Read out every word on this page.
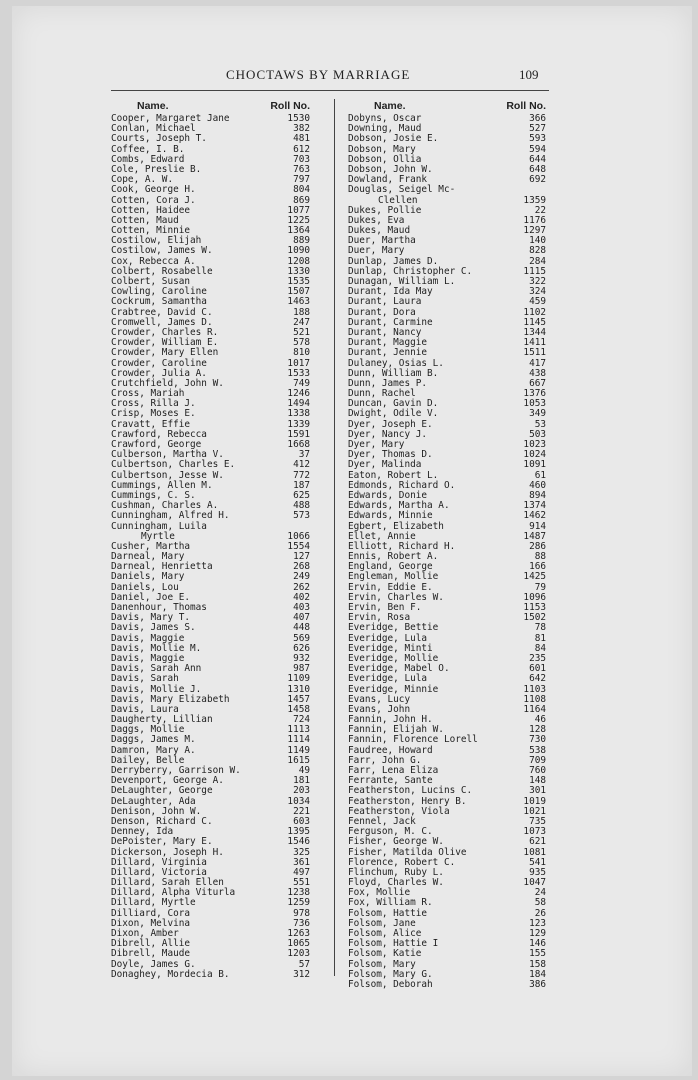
CHOCTAWS BY MARRIAGE	109
Name.	Roll No.
Cooper, Margaret Jane	1530
Conlan, Michael	382
Courts, Joseph T.	481
Coffee, I. B.	612
Combs, Edward	703
Cole, Preslie B.	763
Cope, A. W.	797
Cook, George H.	804
Cotten, Cora J.	869
Cotten, Haidee	1077
Cotten, Maud	1225
Cotten, Minnie	1364
Costilow, Elijah	889
Costilow, James W.	1090
Cox, Rebecca A.	1208
Colbert, Rosabelle	1330
Colbert, Susan	1535
Cowling, Caroline	1507
Cockrum, Samantha	1463
Crabtree, David C.	188
Cromwell, James D.	247
Crowder, Charles R.	521
Crowder, William E.	578
Crowder, Mary Ellen	810
Crowder, Caroline	1017
Crowder, Julia A.	1533
Crutchfield, John W.	749
Cross, Mariah	1246
Cross, Rilla J.	1494
Crisp, Moses E.	1338
Cravatt, Effie	1339
Crawford, Rebecca	1591
Crawford, George	1668
Culberson, Martha V.	37
Culbertson, Charles E.	412
Culbertson, Jesse W.	772
Cummings, Allen M.	187
Cummings, C. S.	625
Cushman, Charles A.	488
Cunningham, Alfred H.	573
Cunningham, Luila
Myrtle	1066
Cusher, Martha	1554
Darneal, Mary	127
Darneal, Henrietta	268
Daniels, Mary	249
Daniels, Lou	262
Daniel, Joe E.	402
Danenhour, Thomas	403
Davis, Mary T.	407
Davis, James S.	448
Davis, Maggie	569
Davis, Mollie M.	626
Davis, Maggie	932
Davis, Sarah Ann	987
Davis, Sarah	1109
Davis, Mollie J.	1310
Davis, Mary Elizabeth	1457
Davis, Laura	1458
Daugherty, Lillian	724
Daggs, Mollie	1113
Daggs, James M.	1114
Damron, Mary A.	1149
Dailey, Belle	1615
Derryberry, Garrison W.	49
Devenport, George A.	181
DeLaughter, George	203
DeLaughter, Ada	1034
Denison, John W.	221
Denson, Richard C.	603
Denney, Ida	1395
DePoister, Mary E.	1546
Dickerson, Joseph H.	325
Dillard, Virginia	361
Dillard, Victoria	497
Dillard, Sarah Ellen	551
Dillard, Alpha Viturla	1238
Dillard, Myrtle	1259
Dilliard, Cora	978
Dixon, Melvina	736
Dixon, Amber	1263
Dibrell, Allie	1065
Dibrell, Maude	1203
Doyle, James G.	57
Donaghey, Mordecia B.	312
Name.	Roll No.
Dobyns, Oscar	366
Downing, Maud	527
Dobson, Josie E.	593
Dobson, Mary	594
Dobson, Ollia	644
Dobson, John W.	648
Dowland, Frank	692
Douglas, Seigel Mc-
Clellen	1359
Dukes, Pollie	22
Dukes, Eva	1176
Dukes, Maud	1297
Duer, Martha	140
Duer, Mary	828
Dunlap, James D.	284
Dunlap, Christopher C.	1115
Dunagan, William L.	322
Durant, Ida May	324
Durant, Laura	459
Durant, Dora	1102
Durant, Carmine	1145
Durant, Nancy	1344
Durant, Maggie	1411
Durant, Jennie	1511
Dulaney, Osias L.	417
Dunn, William B.	438
Dunn, James P.	667
Dunn, Rachel	1376
Duncan, Gavin D.	1053
Dwight, Odile V.	349
Dyer, Joseph E.	53
Dyer, Nancy J.	503
Dyer, Mary	1023
Dyer, Thomas D.	1024
Dyer, Malinda	1091
Eaton, Robert L.	61
Edmonds, Richard O.	460
Edwards, Donie	894
Edwards, Martha A.	1374
Edwards, Minnie	1462
Egbert, Elizabeth	914
Ellet, Annie	1487
Elliott, Richard H.	286
Ennis, Robert A.	88
England, George	166
Engleman, Mollie	1425
Ervin, Eddie E.	79
Ervin, Charles W.	1096
Ervin, Ben F.	1153
Ervin, Rosa	1502
Everidge, Bettie	78
Everidge, Lula	81
Everidge, Minti	84
Everidge, Mollie	235
Everidge, Mabel O.	601
Everidge, Lula	642
Everidge, Minnie	1103
Evans, Lucy	1108
Evans, John	1164
Fannin, John H.	46
Fannin, Elijah W.	128
Fannin, Florence Lorell	730
Faudree, Howard	538
Farr, John G.	709
Farr, Lena Eliza	760
Ferrante, Sante	148
Featherston, Lucins C.	301
Featherston, Henry B.	1019
Featherston, Viola	1021
Fennel, Jack	735
Ferguson, M. C.	1073
Fisher, George W.	621
Fisher, Matilda Olive	1081
Florence, Robert C.	541
Flinchum, Ruby L.	935
Floyd, Charles W.	1047
Fox, Mollie	24
Fox, William R.	58
Folsom, Hattie	26
Folsom, Jane	123
Folsom, Alice	129
Folsom, Hattie I	146
Folsom, Katie	155
Folsom, Mary	158
Folsom, Mary G.	184
Folsom, Deborah	386
